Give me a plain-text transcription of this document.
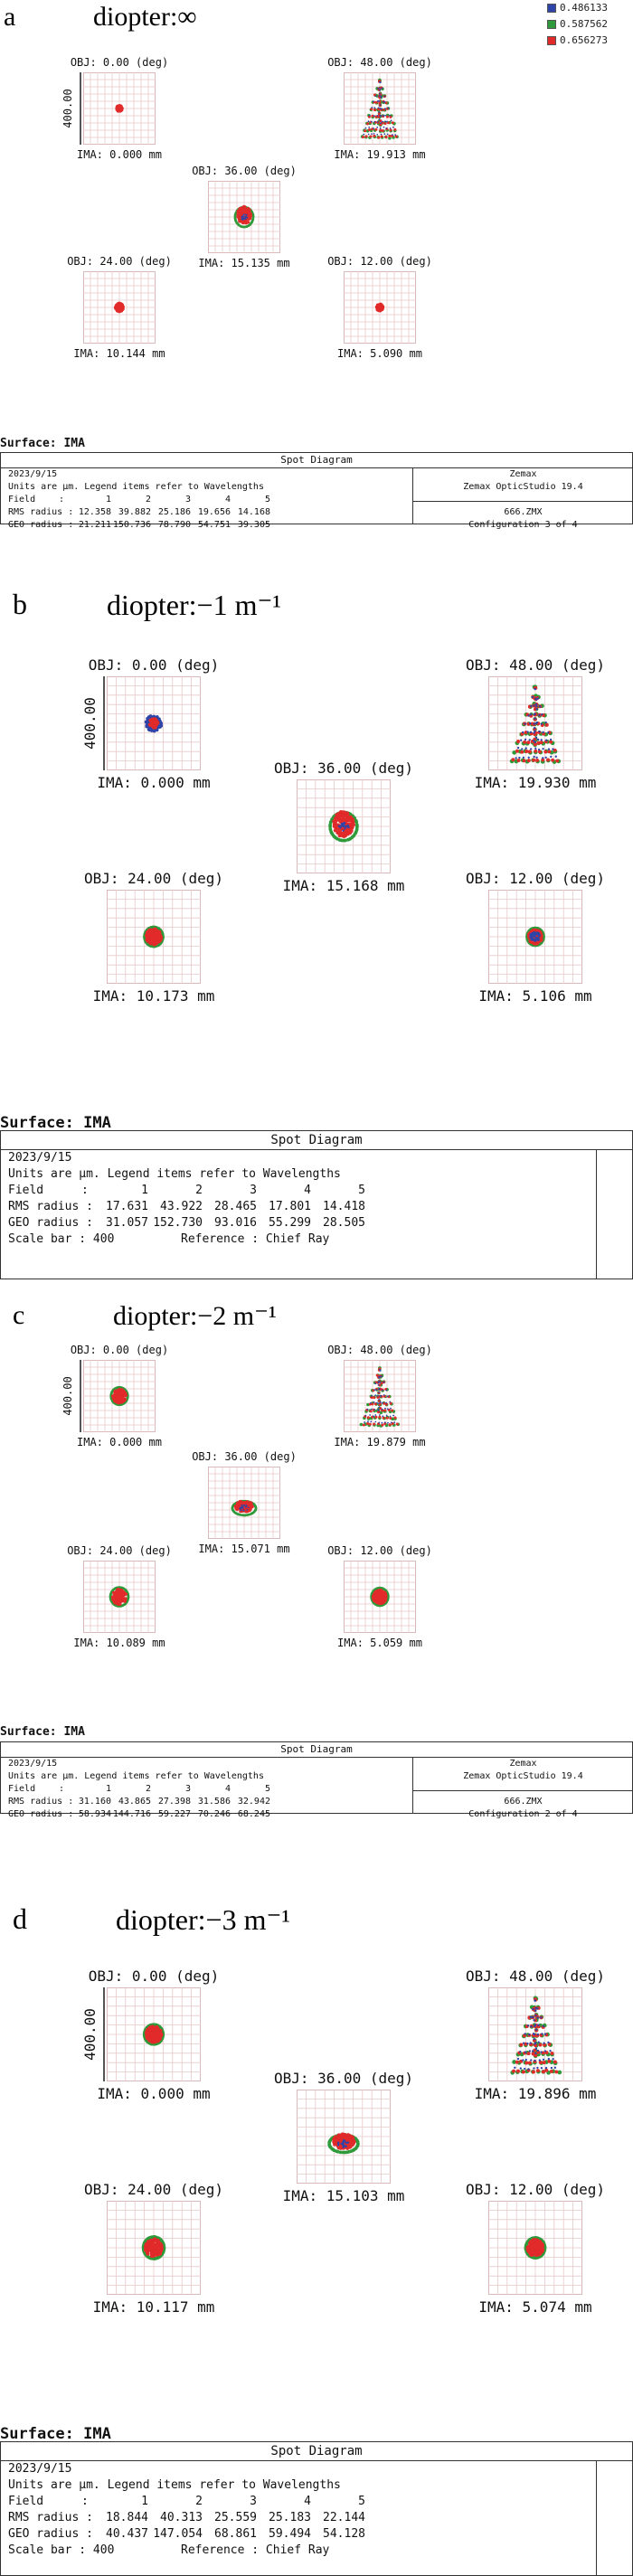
0.486133
0.587562
0.656273
a	diopter:∞
OBJ: 0.00 (deg)
IMA: 0.000 mm
400.00
OBJ: 48.00 (deg)
IMA: 19.913 mm
OBJ: 36.00 (deg)
IMA: 15.135 mm
OBJ: 24.00 (deg)
IMA: 10.144 mm
OBJ: 12.00 (deg)
IMA: 5.090 mm
Surface: IMA
Spot Diagram
2023/9/15
Units are µm. Legend items refer to Wavelengths
Field	:	1	2	3	4	5
RMS radius : 12.358 39.882 25.186 19.656 14.168
GEO radius : 21.211 150.736 78.790 54.751 39.305
Zemax
Zemax OpticStudio 19.4
666.ZMX
Configuration 3 of 4
b	diopter:−1 m⁻¹
OBJ: 0.00 (deg)
IMA: 0.000 mm
400.00
OBJ: 48.00 (deg)
IMA: 19.930 mm
OBJ: 36.00 (deg)
IMA: 15.168 mm
OBJ: 24.00 (deg)
IMA: 10.173 mm
OBJ: 12.00 (deg)
IMA: 5.106 mm
Surface: IMA
Spot Diagram
2023/9/15
Units are µm. Legend items refer to Wavelengths
Field	:	1	2	3	4	5
RMS radius :	17.631	43.922	28.465	17.801	14.418
GEO radius :	31.057 152.730	93.016	55.299	28.505
Scale bar : 400	Reference : Chief Ray
c	diopter:−2 m⁻¹
OBJ: 0.00 (deg)
IMA: 0.000 mm
400.00
OBJ: 48.00 (deg)
IMA: 19.879 mm
OBJ: 36.00 (deg)
IMA: 15.071 mm
OBJ: 24.00 (deg)
IMA: 10.089 mm
OBJ: 12.00 (deg)
IMA: 5.059 mm
Surface: IMA
Spot Diagram
2023/9/15
Units are µm. Legend items refer to Wavelengths
Field	:	1	2	3	4	5
RMS radius : 31.160 43.865 27.398 31.586 32.942
GEO radius : 58.934 144.716 59.227 70.246 68.245
Zemax
Zemax OpticStudio 19.4
666.ZMX
Configuration 2 of 4
d	diopter:−3 m⁻¹
OBJ: 0.00 (deg)
IMA: 0.000 mm
400.00
OBJ: 48.00 (deg)
IMA: 19.896 mm
OBJ: 36.00 (deg)
IMA: 15.103 mm
OBJ: 24.00 (deg)
IMA: 10.117 mm
OBJ: 12.00 (deg)
IMA: 5.074 mm
Surface: IMA
Spot Diagram
2023/9/15
Units are µm. Legend items refer to Wavelengths
Field	:	1	2	3	4	5
RMS radius :	18.844	40.313	25.559	25.183	22.144
GEO radius :	40.437 147.054	68.861	59.494	54.128
Scale bar : 400	Reference : Chief Ray
